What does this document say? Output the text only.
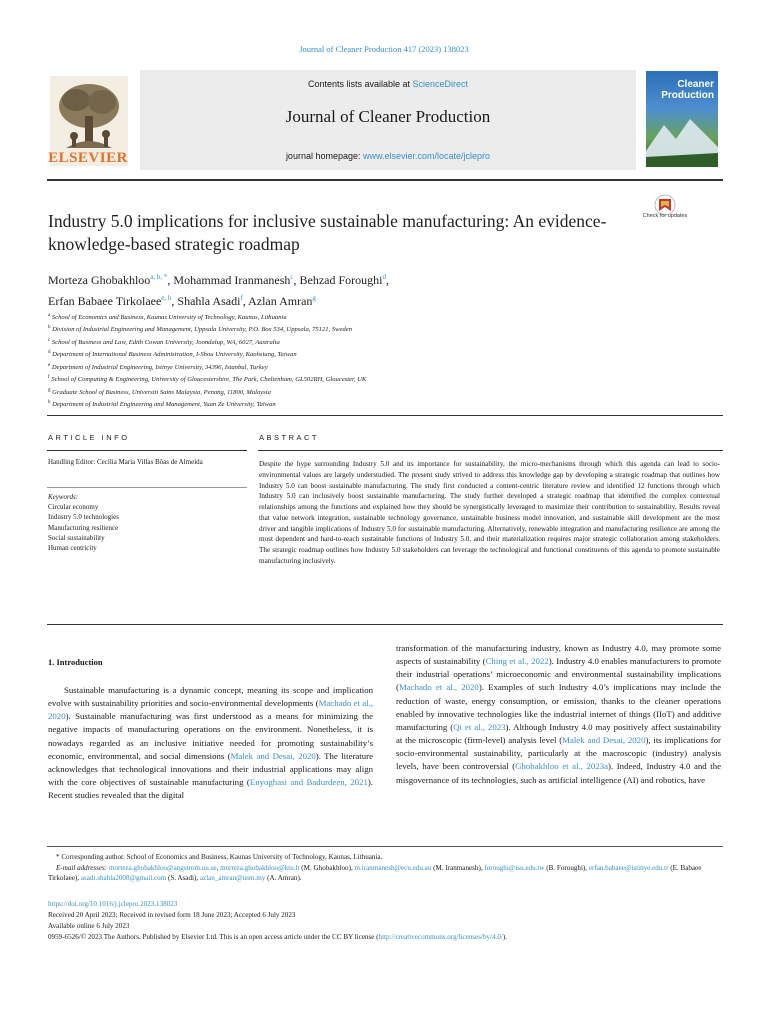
Journal of Cleaner Production 417 (2023) 138023
ELSEVIER
Contents lists available at ScienceDirect
Journal of Cleaner Production
journal homepage: www.elsevier.com/locate/jclepro
Cleaner Production
Check for updates
Industry 5.0 implications for inclusive sustainable manufacturing: An evidence-knowledge-based strategic roadmap
Morteza Ghobakhloo$^{a, b, *}$, Mohammad Iranmanesh$^c$, Behzad Foroughi$^d$,
Erfan Babaee Tirkolaee$^{e, h}$, Shahla Asadi$^f$, Azlan Amran$^g$
$^a$ School of Economics and Business, Kaunas University of Technology, Kaunas, Lithuania
$^b$ Division of Industrial Engineering and Management, Uppsala University, P.O. Box 534, Uppsala, 75121, Sweden
$^c$ School of Business and Law, Edith Cowan University, Joondalup, WA, 6027, Australia
$^d$ Department of International Business Administration, I-Shou University, Kaohsiung, Taiwan
$^e$ Department of Industrial Engineering, Istinye University, 34396, Istanbul, Turkey
$^f$ School of Computing & Engineering, University of Gloucestershire, The Park, Cheltenham, GL502RH, Gloucester, UK
$^g$ Graduate School of Business, Universiti Sains Malaysia, Penang, 11800, Malaysia
$^h$ Department of Industrial Engineering and Management, Yuan Ze University, Taiwan
ARTICLE INFO	ABSTRACT
Handling Editor: Cecilia Maria Villas Bôas de Almeida
Keywords:
Circular economy
Industry 5.0 technologies
Manufacturing resilience
Social sustainability
Human centricity
Despite the hype surrounding Industry 5.0 and its importance for sustainability, the micro-mechanisms through which this agenda can lead to socio-environmental values are largely understudied. The present study strived to address this knowledge gap by developing a strategic roadmap that outlines how Industry 5.0 can boost sustainable manufacturing. The study first conducted a content-centric literature review and identified 12 functions through which Industry 5.0 can inclusively boost sustainable manufacturing. The study further developed a strategic roadmap that identified the complex contextual relationships among the functions and explained how they should be synergistically leveraged to maximize their contribution to sustainability. Results reveal that value network integration, sustainable technology governance, sustainable business model innovation, and sustainable skill development are the most driver and tangible implications of Industry 5.0 for sustainable manufacturing. Alternatively, renewable integration and manufacturing resilience are among the most dependent and hard-to-reach sustainable functions of Industry 5.0, and their materialization requires major strategic collaboration among stakeholders. The strategic roadmap outlines how Industry 5.0 stakeholders can leverage the technological and functional constituents of this agenda to promote sustainable manufacturing inclusively.
1. Introduction

Sustainable manufacturing is a dynamic concept, meaning its scope and implication evolve with sustainability priorities and socio-environmental developments (Machado et al., 2020). Sustainable manufacturing was first understood as a means for minimizing the negative impacts of manufacturing operations on the environment. Nonetheless, it is nowadays regarded as an inclusive initiative needed for promoting sustainability’s economic, environmental, and social dimensions (Malek and Desai, 2020). The literature acknowledges that technological innovations and their industrial applications may align with the core objectives of sustainable manufacturing (Enyoghasi and Badurdeen, 2021). Recent studies revealed that the digital

transformation of the manufacturing industry, known as Industry 4.0, may promote some aspects of sustainability (Ching et al., 2022). Industry 4.0 enables manufacturers to promote their industrial operations’ microeconomic and environmental sustainability implications (Machado et al., 2020). Examples of such Industry 4.0’s implications may include the reduction of waste, energy consumption, or emission, thanks to the cleaner operations enabled by innovative technologies like the industrial internet of things (IIoT) and additive manufacturing (Qi et al., 2023). Although Industry 4.0 may positively affect sustainability at the microscopic (firm-level) analysis level (Malek and Desai, 2020), its implications for socio-environmental sustainability, particularly at the macroscopic (industry) analysis levels, have been controversial (Ghobakhloo et al., 2023a). Indeed, Industry 4.0 and the misgovernance of its technologies, such as artificial intelligence (AI) and robotics, have

* Corresponding author. School of Economics and Business, Kaunas University of Technology, Kaunas, Lithuania.

E-mail addresses: morteza.ghobakhloo@angstrom.uu.se, morteza.ghobakhloo@ktu.lt (M. Ghobakhloo), m.iranmanesh@ecu.edu.au (M. Iranmanesh), foroughi@isu.edu.tw (B. Foroughi), erfan.babaee@istinye.edu.tr (E. Babaee Tirkolaee), asadi.shahla2008@gmail.com (S. Asadi), azlan_amran@usm.my (A. Amran).

https://doi.org/10.1016/j.jclepro.2023.138023

Received 20 April 2023; Received in revised form 18 June 2023; Accepted 6 July 2023

Available online 6 July 2023

0959-6526/© 2023 The Authors. Published by Elsevier Ltd. This is an open access article under the CC BY license (http://creativecommons.org/licenses/by/4.0/).
